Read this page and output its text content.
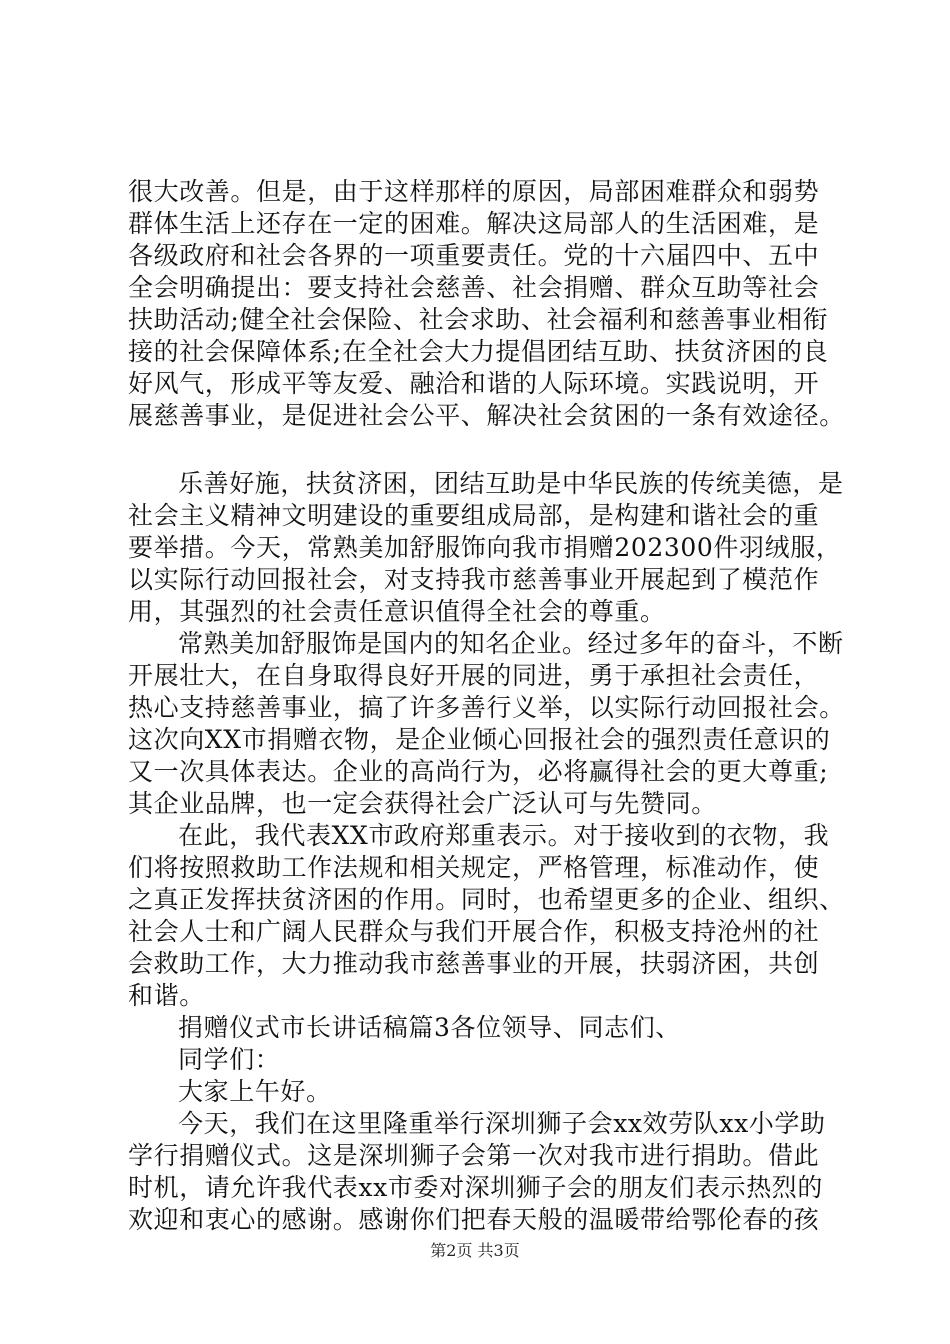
很大改善。但是，由于这样那样的原因，局部困难群众和弱势
群体生活上还存在一定的困难。解决这局部人的生活困难，是
各级政府和社会各界的一项重要责任。党的十六届四中、五中
全会明确提出：要支持社会慈善、社会捐赠、群众互助等社会
扶助活动;健全社会保险、社会求助、社会福利和慈善事业相衔
接的社会保障体系;在全社会大力提倡团结互助、扶贫济困的良
好风气，形成平等友爱、融洽和谐的人际环境。实践说明，开
展慈善事业，是促进社会公平、解决社会贫困的一条有效途径。
乐善好施，扶贫济困，团结互助是中华民族的传统美德，是
社会主义精神文明建设的重要组成局部，是构建和谐社会的重
要举措。今天，常熟美加舒服饰向我市捐赠202300件羽绒服，
以实际行动回报社会，对支持我市慈善事业开展起到了模范作
用，其强烈的社会责任意识值得全社会的尊重。
常熟美加舒服饰是国内的知名企业。经过多年的奋斗，不断
开展壮大，在自身取得良好开展的同进，勇于承担社会责任，
热心支持慈善事业，搞了许多善行义举，以实际行动回报社会。
这次向XX市捐赠衣物，是企业倾心回报社会的强烈责任意识的
又一次具体表达。企业的高尚行为，必将赢得社会的更大尊重;
其企业品牌，也一定会获得社会广泛认可与先赞同。
在此，我代表XX市政府郑重表示。对于接收到的衣物，我
们将按照救助工作法规和相关规定，严格管理，标准动作，使
之真正发挥扶贫济困的作用。同时，也希望更多的企业、组织、
社会人士和广阔人民群众与我们开展合作，积极支持沧州的社
会救助工作，大力推动我市慈善事业的开展，扶弱济困，共创
和谐。
捐赠仪式市长讲话稿篇3各位领导、同志们、
同学们：
大家上午好。
今天，我们在这里隆重举行深圳狮子会xx效劳队xx小学助
学行捐赠仪式。这是深圳狮子会第一次对我市进行捐助。借此
时机，请允许我代表xx市委对深圳狮子会的朋友们表示热烈的
欢迎和衷心的感谢。感谢你们把春天般的温暖带给鄂伦春的孩
第2页 共3页
